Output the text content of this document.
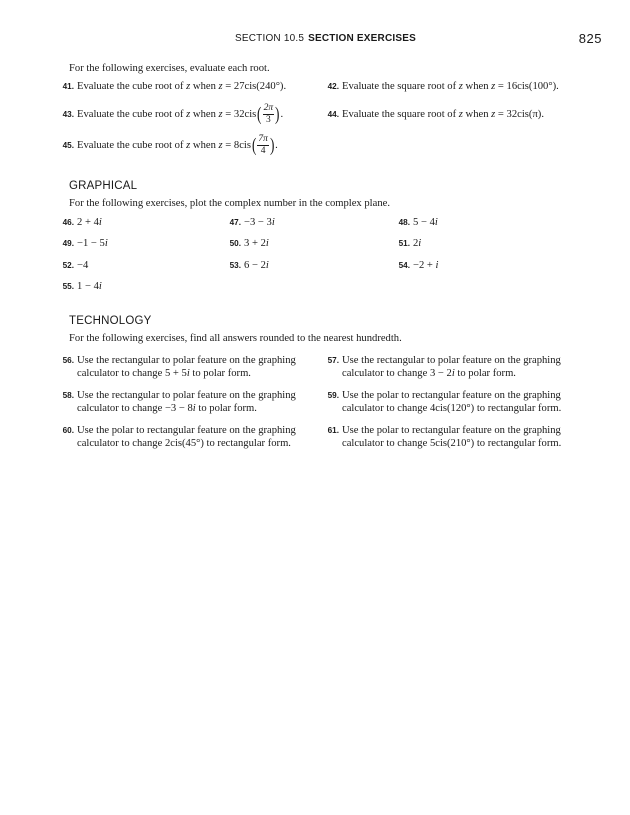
SECTION 10.5 SECTION EXERCISES	825
For the following exercises, evaluate each root.
41. Evaluate the cube root of z when z = 27cis(240°).	42. Evaluate the square root of z when z = 16cis(100°).
43. Evaluate the cube root of z when $z = 32cis( \frac{2\pi}{3}$ ).	44. Evaluate the square root of z when z = 32cis(π).
45. Evaluate the cube root of z when $z = 8cis( \frac{7\pi}{4}$ ).
GRAPHICAL
For the following exercises, plot the complex number in the complex plane.
46. 2 + 4i	47. −3 − 3i	48. 5 − 4i
49. −1 − 5i	50. 3 + 2i	51. 2i
52. −4	53. 6 − 2i	54. −2 + i
55. 1 − 4i
TECHNOLOGY
For the following exercises, find all answers rounded to the nearest hundredth.
56. Use the rectangular to polar feature on the graphing
calculator to change 5 + 5i to polar form.
57. Use the rectangular to polar feature on the graphing
calculator to change 3 − 2i to polar form.
58. Use the rectangular to polar feature on the graphing
calculator to change −3 − 8i to polar form.
59. Use the polar to rectangular feature on the graphing
calculator to change 4cis(120°) to rectangular form.
60. Use the polar to rectangular feature on the graphing
calculator to change 2cis(45°) to rectangular form.
61. Use the polar to rectangular feature on the graphing
calculator to change 5cis(210°) to rectangular form.
